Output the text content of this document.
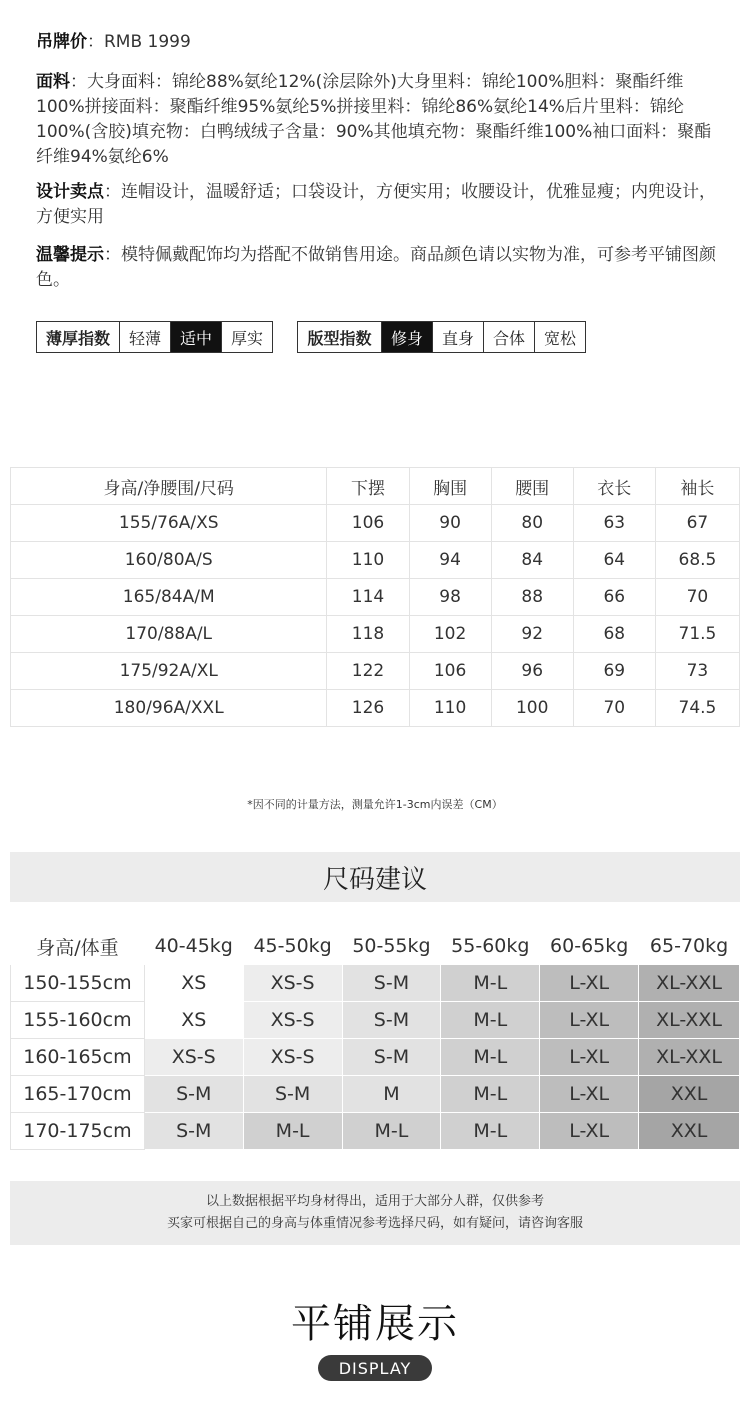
吊牌价：RMB 1999
面料：大身面料：锦纶88%氨纶12%(涂层除外)大身里料：锦纶100%胆料：聚酯纤维100%拼接面料：聚酯纤维95%氨纶5%拼接里料：锦纶86%氨纶14%后片里料：锦纶100%(含胶)填充物：白鸭绒绒子含量：90%其他填充物：聚酯纤维100%袖口面料：聚酯纤维94%氨纶6%
设计卖点：连帽设计，温暖舒适；口袋设计，方便实用；收腰设计，优雅显瘦；内兜设计，方便实用
温馨提示：模特佩戴配饰均为搭配不做销售用途。商品颜色请以实物为准，可参考平铺图颜色。
薄厚指数	轻薄	适中	厚实	版型指数	修身	直身	合体	宽松
身高/净腰围/尺码	下摆	胸围	腰围	衣长	袖长
155/76A/XS	106	90	80	63	67
160/80A/S	110	94	84	64	68.5
165/84A/M	114	98	88	66	70
170/88A/L	118	102	92	68	71.5
175/92A/XL	122	106	96	69	73
180/96A/XXL	126	110	100	70	74.5
*因不同的计量方法，测量允许1-3cm内误差（CM）
尺码建议
身高/体重	40-45kg	45-50kg	50-55kg	55-60kg	60-65kg	65-70kg
150-155cm	XS	XS-S	S-M	M-L	L-XL	XL-XXL
155-160cm	XS	XS-S	S-M	M-L	L-XL	XL-XXL
160-165cm	XS-S	XS-S	S-M	M-L	L-XL	XL-XXL
165-170cm	S-M	S-M	M	M-L	L-XL	XXL
170-175cm	S-M	M-L	M-L	M-L	L-XL	XXL
以上数据根据平均身材得出，适用于大部分人群，仅供参考
买家可根据自己的身高与体重情况参考选择尺码，如有疑问，请咨询客服
平铺展示
DISPLAY
